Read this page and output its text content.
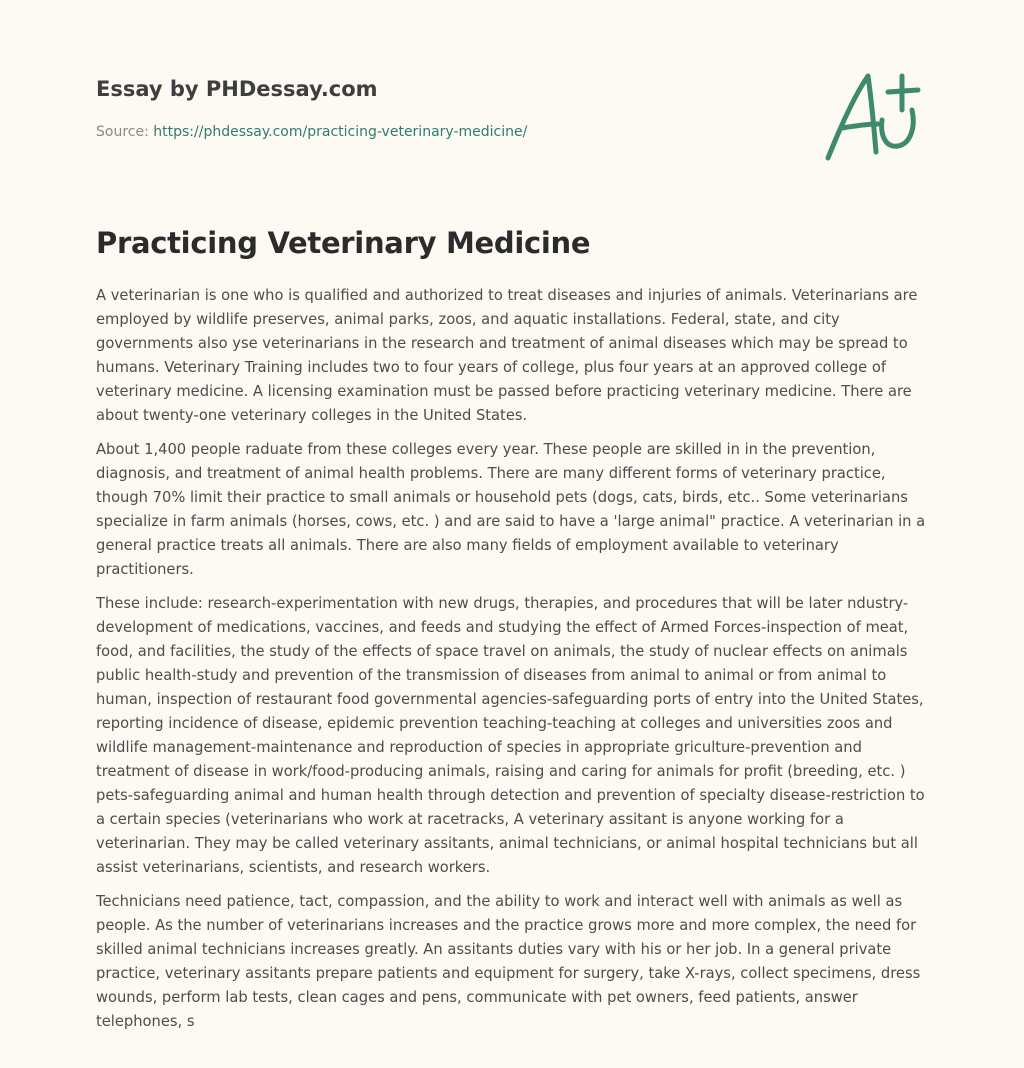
Essay by PHDessay.com
Source: https://phdessay.com/practicing-veterinary-medicine/
Practicing Veterinary Medicine

A veterinarian is one who is qualified and authorized to treat diseases and injuries of animals. Veterinarians are employed by wildlife preserves, animal parks, zoos, and aquatic installations. Federal, state, and city governments also yse veterinarians in the research and treatment of animal diseases which may be spread to humans. Veterinary Training includes two to four years of college, plus four years at an approved college of veterinary medicine. A licensing examination must be passed before practicing veterinary medicine. There are about twenty-one veterinary colleges in the United States.

About 1,400 people raduate from these colleges every year. These people are skilled in in the prevention, diagnosis, and treatment of animal health problems. There are many different forms of veterinary practice, though 70% limit their practice to small animals or household pets (dogs, cats, birds, etc.. Some veterinarians specialize in farm animals (horses, cows, etc. ) and are said to have a 'large animal" practice. A veterinarian in a general practice treats all animals. There are also many fields of employment available to veterinary practitioners.

These include: research-experimentation with new drugs, therapies, and procedures that will be later ndustry-development of medications, vaccines, and feeds and studying the effect of Armed Forces-inspection of meat, food, and facilities, the study of the effects of space travel on animals, the study of nuclear effects on animals public health-study and prevention of the transmission of diseases from animal to animal or from animal to human, inspection of restaurant food governmental agencies-safeguarding ports of entry into the United States, reporting incidence of disease, epidemic prevention teaching-teaching at colleges and universities zoos and wildlife management-maintenance and reproduction of species in appropriate griculture-prevention and treatment of disease in work/food-producing animals, raising and caring for animals for profit (breeding, etc. ) pets-safeguarding animal and human health through detection and prevention of specialty disease-restriction to a certain species (veterinarians who work at racetracks, A veterinary assitant is anyone working for a veterinarian. They may be called veterinary assitants, animal technicians, or animal hospital technicians but all assist veterinarians, scientists, and research workers.

Technicians need patience, tact, compassion, and the ability to work and interact well with animals as well as people. As the number of veterinarians increases and the practice grows more and more complex, the need for skilled animal technicians increases greatly. An assitants duties vary with his or her job. In a general private practice, veterinary assitants prepare patients and equipment for surgery, take X-rays, collect specimens, dress wounds, perform lab tests, clean cages and pens, communicate with pet owners, feed patients, answer telephones, s
